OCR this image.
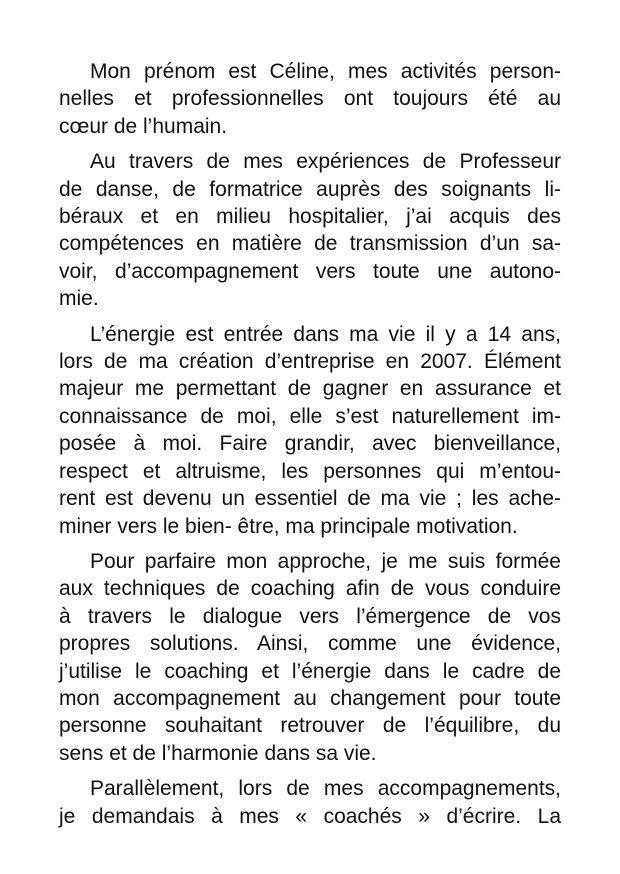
Mon prénom est Céline, mes activités person-
nelles et professionnelles ont toujours été au
cœur de l’humain.
Au travers de mes expériences de Professeur
de danse, de formatrice auprès des soignants li-
béraux et en milieu hospitalier, j’ai acquis des
compétences en matière de transmission d’un sa-
voir, d’accompagnement vers toute une autono-
mie.
L’énergie est entrée dans ma vie il y a 14 ans,
lors de ma création d’entreprise en 2007. Élément
majeur me permettant de gagner en assurance et
connaissance de moi, elle s’est naturellement im-
posée à moi. Faire grandir, avec bienveillance,
respect et altruisme, les personnes qui m’entou-
rent est devenu un essentiel de ma vie ; les ache-
miner vers le bien- être, ma principale motivation.
Pour parfaire mon approche, je me suis formée
aux techniques de coaching afin de vous conduire
à travers le dialogue vers l’émergence de vos
propres solutions. Ainsi, comme une évidence,
j’utilise le coaching et l’énergie dans le cadre de
mon accompagnement au changement pour toute
personne souhaitant retrouver de l’équilibre, du
sens et de l’harmonie dans sa vie.
Parallèlement, lors de mes accompagnements,
je demandais à mes « coachés » d’écrire. La
